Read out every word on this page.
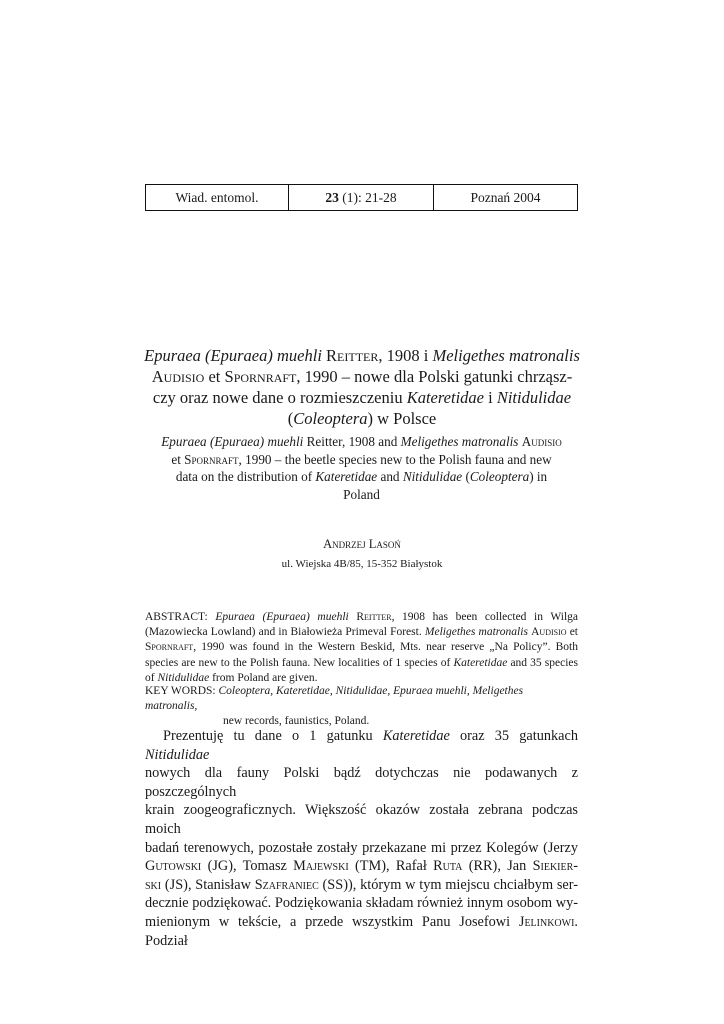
Wiad. entomol.	23
(1): 21-28	Poznań 2004
Epuraea (Epuraea) muehli Reitter, 1908 i Meligethes matronalis
Audisio et Spornraft, 1990 – nowe dla Polski gatunki chrząsz-
czy oraz nowe dane o rozmieszczeniu Kateretidae i Nitidulidae
(Coleoptera) w Polsce
Epuraea (Epuraea) muehli Reitter, 1908 and Meligethes matronalis Audisio
et Spornraft, 1990 – the beetle species new to the Polish fauna and new
data on the distribution of Kateretidae and Nitidulidae (Coleoptera) in
Poland
Andrzej Lasoń
ul. Wiejska 4B/85, 15-352 Białystok
ABSTRACT: Epuraea (Epuraea) muehli Reitter, 1908 has been collected in Wilga (Mazowiecka Lowland) and in Białowieża Primeval Forest. Meligethes matronalis Audisio et Spornraft, 1990 was found in the Western Beskid, Mts. near reserve „Na Policy”. Both species are new to the Polish fauna. New localities of 1 species of Kateretidae and 35 species of Nitidulidae from Poland are given.
KEY WORDS: Coleoptera, Kateretidae, Nitidulidae, Epuraea muehli, Meligethes matronalis,
new records, faunistics, Poland.
Prezentuję tu dane o 1 gatunku Kateretidae oraz 35 gatunkach Nitidulidae
nowych dla fauny Polski bądź dotychczas nie podawanych z poszczególnych
krain zoogeograficznych. Większość okazów została zebrana podczas moich
badań terenowych, pozostałe zostały przekazane mi przez Kolegów (Jerzy
Gutowski (JG), Tomasz Majewski (TM), Rafał Ruta (RR), Jan Siekier-
ski (JS), Stanisław Szafraniec (SS)), którym w tym miejscu chciałbym ser-
decznie podziękować. Podziękowania składam również innym osobom wy-
mienionym w tekście, a przede wszystkim Panu Josefowi Jelinkowi. Podział
